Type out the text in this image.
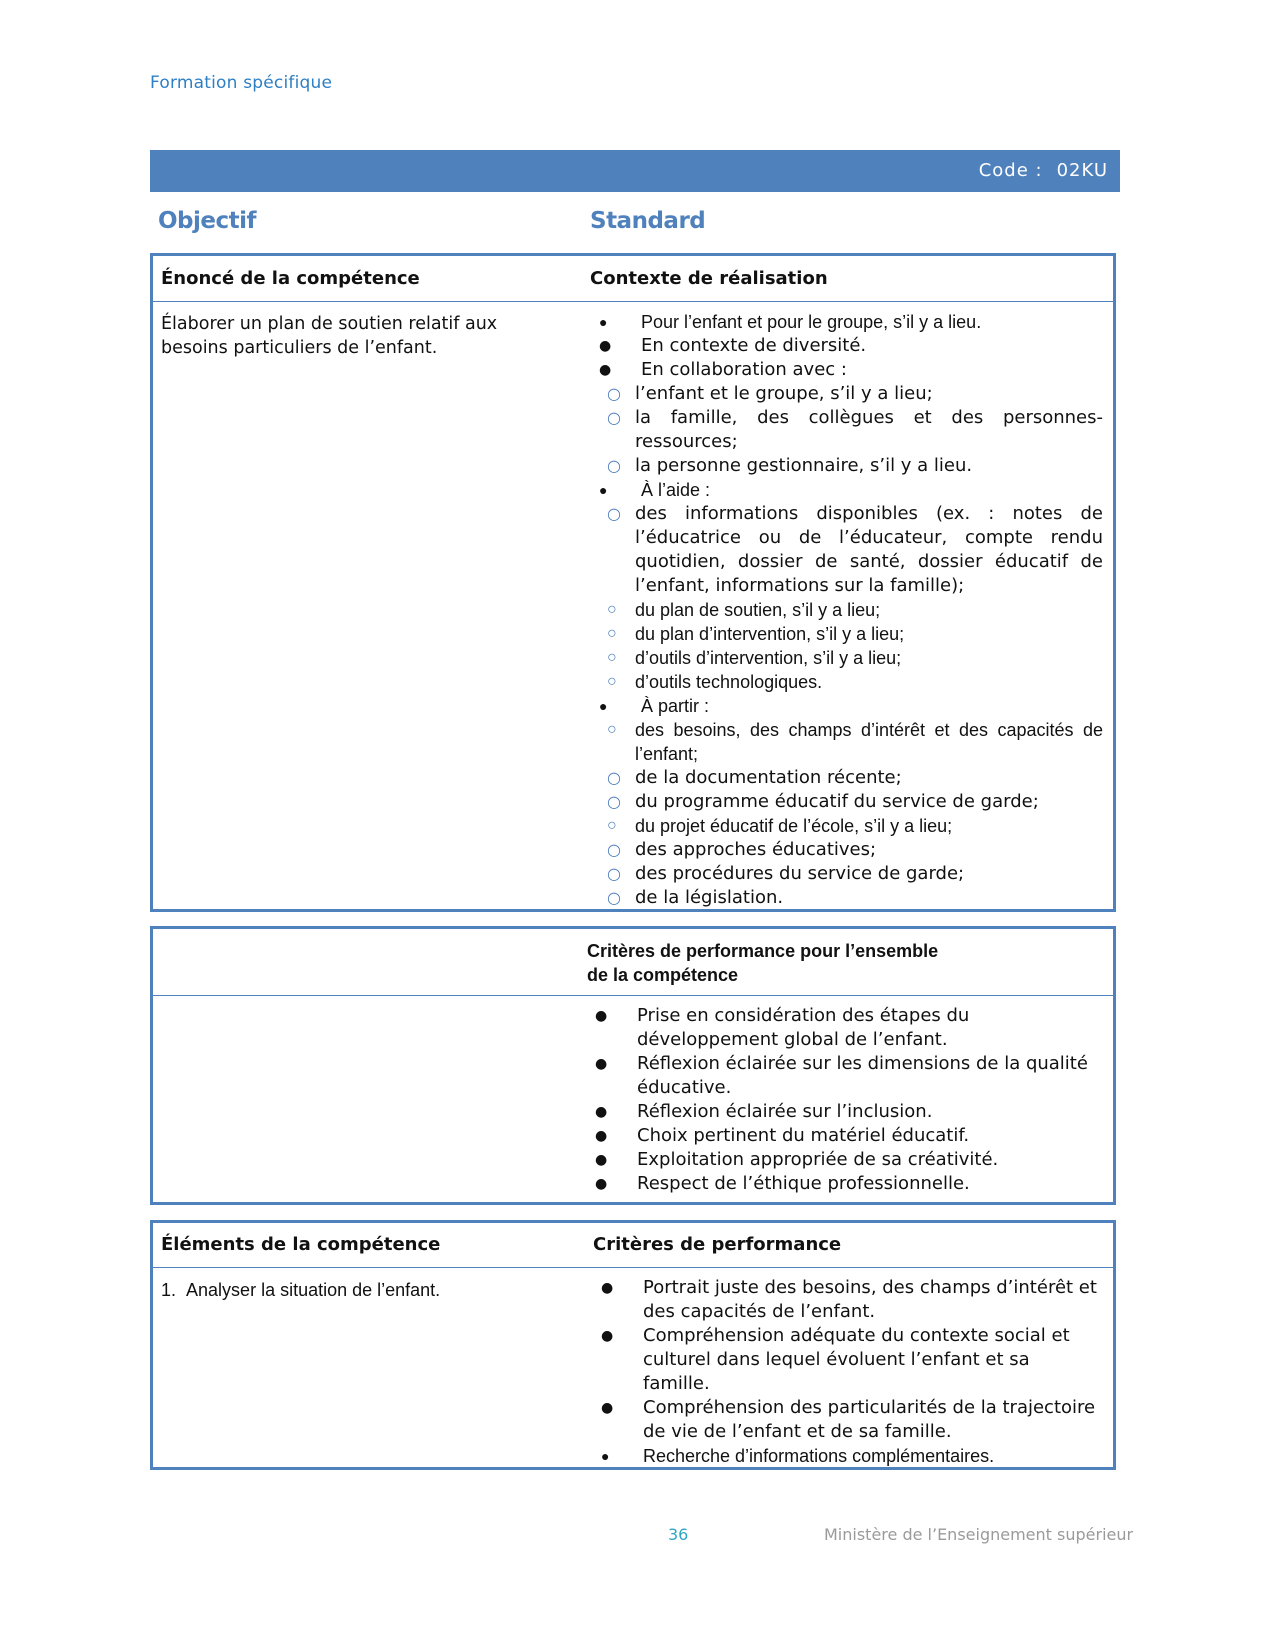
Formation spécifique
Code : 02KU
Objectif	Standard
Énoncé de la compétence	Contexte de réalisation
Élaborer un plan de soutien relatif aux besoins particuliers de l’enfant.
● Pour l’enfant et pour le groupe, s’il y a lieu.
● En contexte de diversité.
● En collaboration avec :
○ l’enfant et le groupe, s’il y a lieu;
○ la famille, des collègues et des personnes-ressources;
○ la personne gestionnaire, s’il y a lieu.
● À l’aide :
○ des informations disponibles (ex. : notes de l’éducatrice ou de l’éducateur, compte rendu quotidien, dossier de santé, dossier éducatif de l’enfant, informations sur la famille);
○ du plan de soutien, s’il y a lieu;
○ du plan d’intervention, s’il y a lieu;
○ d’outils d’intervention, s’il y a lieu;
○ d’outils technologiques.
● À partir :
○ des besoins, des champs d’intérêt et des capacités de l’enfant;
○ de la documentation récente;
○ du programme éducatif du service de garde;
○ du projet éducatif de l’école, s’il y a lieu;
○ des approches éducatives;
○ des procédures du service de garde;
○ de la législation.
Critères de performance pour l’ensemble
de la compétence
● Prise en considération des étapes du développement global de l’enfant.
● Réflexion éclairée sur les dimensions de la qualité éducative.
● Réflexion éclairée sur l’inclusion.
● Choix pertinent du matériel éducatif.
● Exploitation appropriée de sa créativité.
● Respect de l’éthique professionnelle.
Éléments de la compétence	Critères de performance
1. Analyser la situation de l’enfant.	● Portrait juste des besoins, des champs d’intérêt et des capacités de l’enfant.
● Compréhension adéquate du contexte social et culturel dans lequel évoluent l’enfant et sa famille.
● Compréhension des particularités de la trajectoire de vie de l’enfant et de sa famille.
● Recherche d’informations complémentaires.
36	Ministère de l’Enseignement supérieur
